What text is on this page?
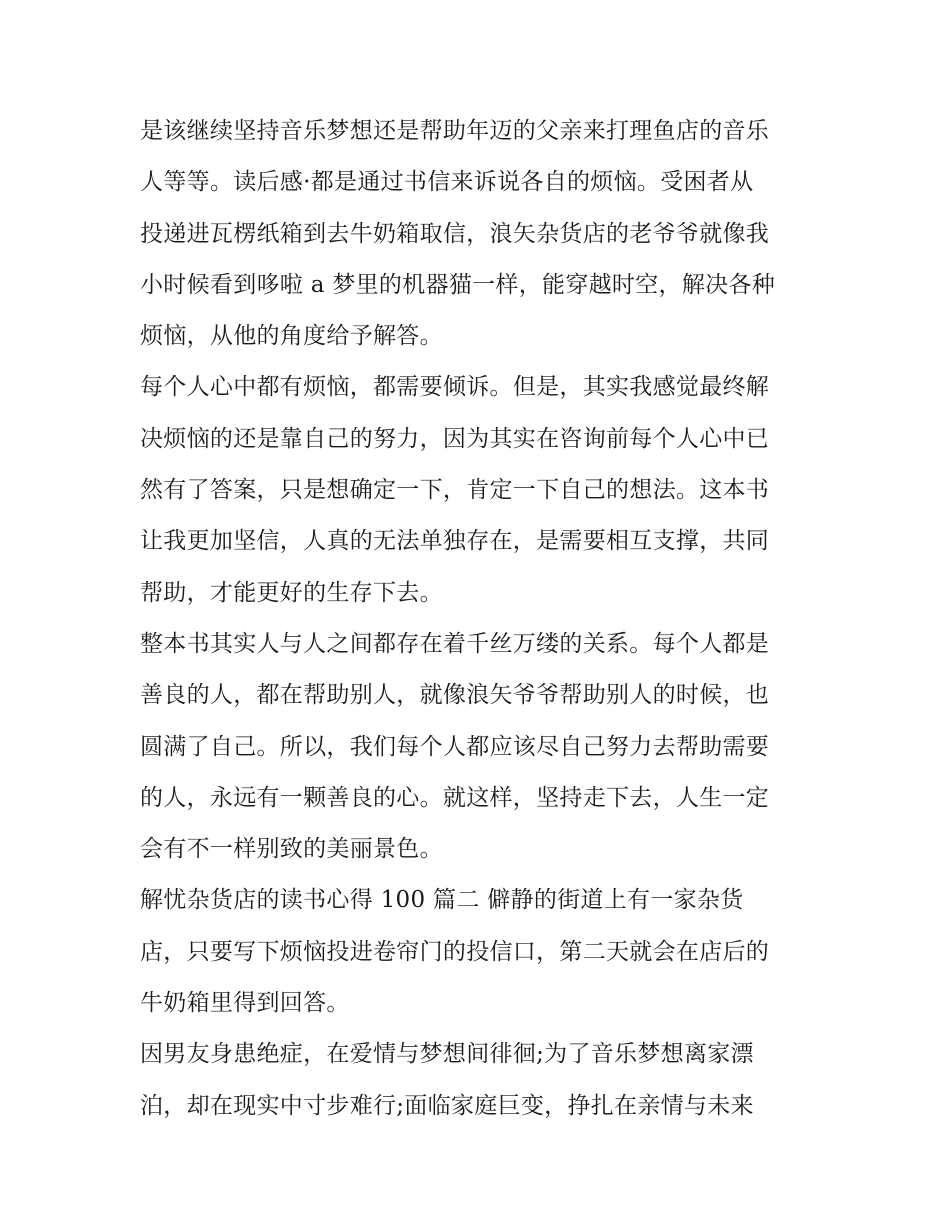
是该继续坚持音乐梦想还是帮助年迈的父亲来打理鱼店的音乐
人等等。读后感·都是通过书信来诉说各自的烦恼。受困者从
投递进瓦楞纸箱到去牛奶箱取信，浪矢杂货店的老爷爷就像我
小时候看到哆啦 a 梦里的机器猫一样，能穿越时空，解决各种
烦恼，从他的角度给予解答。
每个人心中都有烦恼，都需要倾诉。但是，其实我感觉最终解
决烦恼的还是靠自己的努力，因为其实在咨询前每个人心中已
然有了答案，只是想确定一下，肯定一下自己的想法。这本书
让我更加坚信，人真的无法单独存在，是需要相互支撑，共同
帮助，才能更好的生存下去。
整本书其实人与人之间都存在着千丝万缕的关系。每个人都是
善良的人，都在帮助别人，就像浪矢爷爷帮助别人的时候，也
圆满了自己。所以，我们每个人都应该尽自己努力去帮助需要
的人，永远有一颗善良的心。就这样，坚持走下去，人生一定
会有不一样别致的美丽景色。
解忧杂货店的读书心得 100 篇二 僻静的街道上有一家杂货
店，只要写下烦恼投进卷帘门的投信口，第二天就会在店后的
牛奶箱里得到回答。
因男友身患绝症，在爱情与梦想间徘徊;为了音乐梦想离家漂
泊，却在现实中寸步难行;面临家庭巨变，挣扎在亲情与未来
